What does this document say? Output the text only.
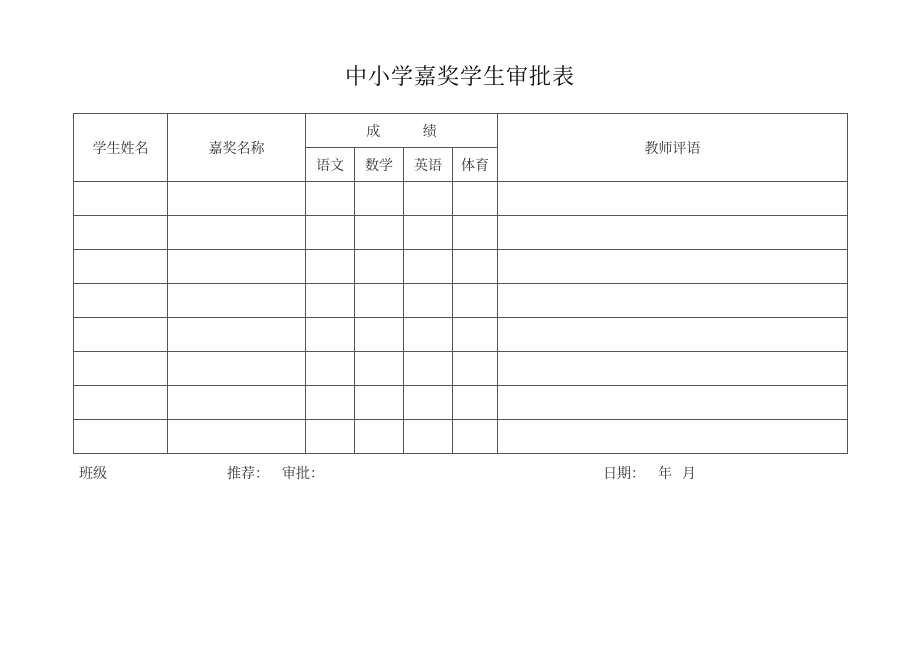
中小学嘉奖学生审批表
学生姓名	嘉奖名称	成 绩				教师评语
		语文	数学	英语	体育	

班级	推荐： 审批：	日期： 年 月
